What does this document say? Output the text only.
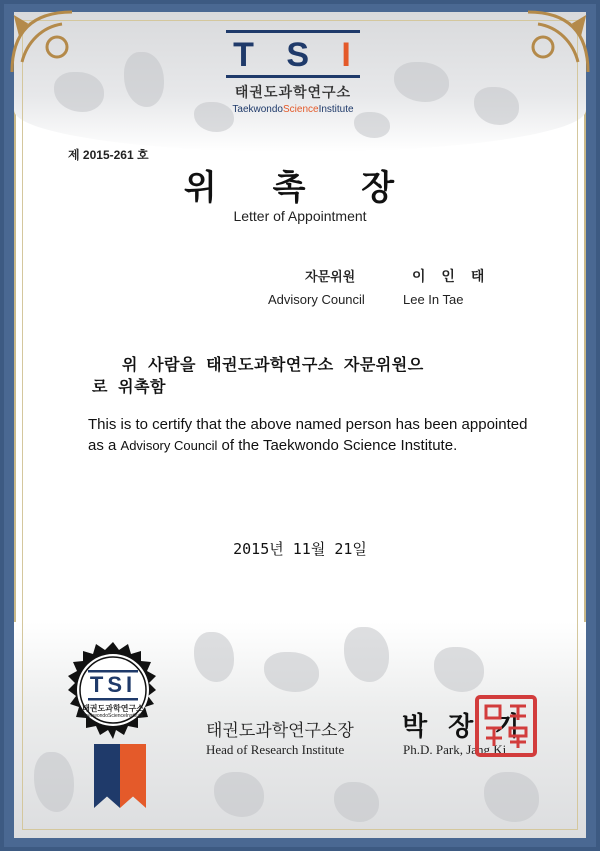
T S I
태권도과학연구소
TaekwondoScienceInstitute
제 2015-261 호
위 촉 장
Letter of Appointment
자문위원	이 인 태
Advisory Council	Lee In Tae
위 사람을 태권도과학연구소 자문위원으
로 위촉함
This is to certify that the above named person has been appointed as a Advisory Council of the Taekwondo Science Institute.
2015년 11월 21일
TSI
태권도과학연구소
TaekwondoScienceInstitute
태권도과학연구소장 박 장 기
Head of Research Institute	Ph.D. Park, Jang Ki
